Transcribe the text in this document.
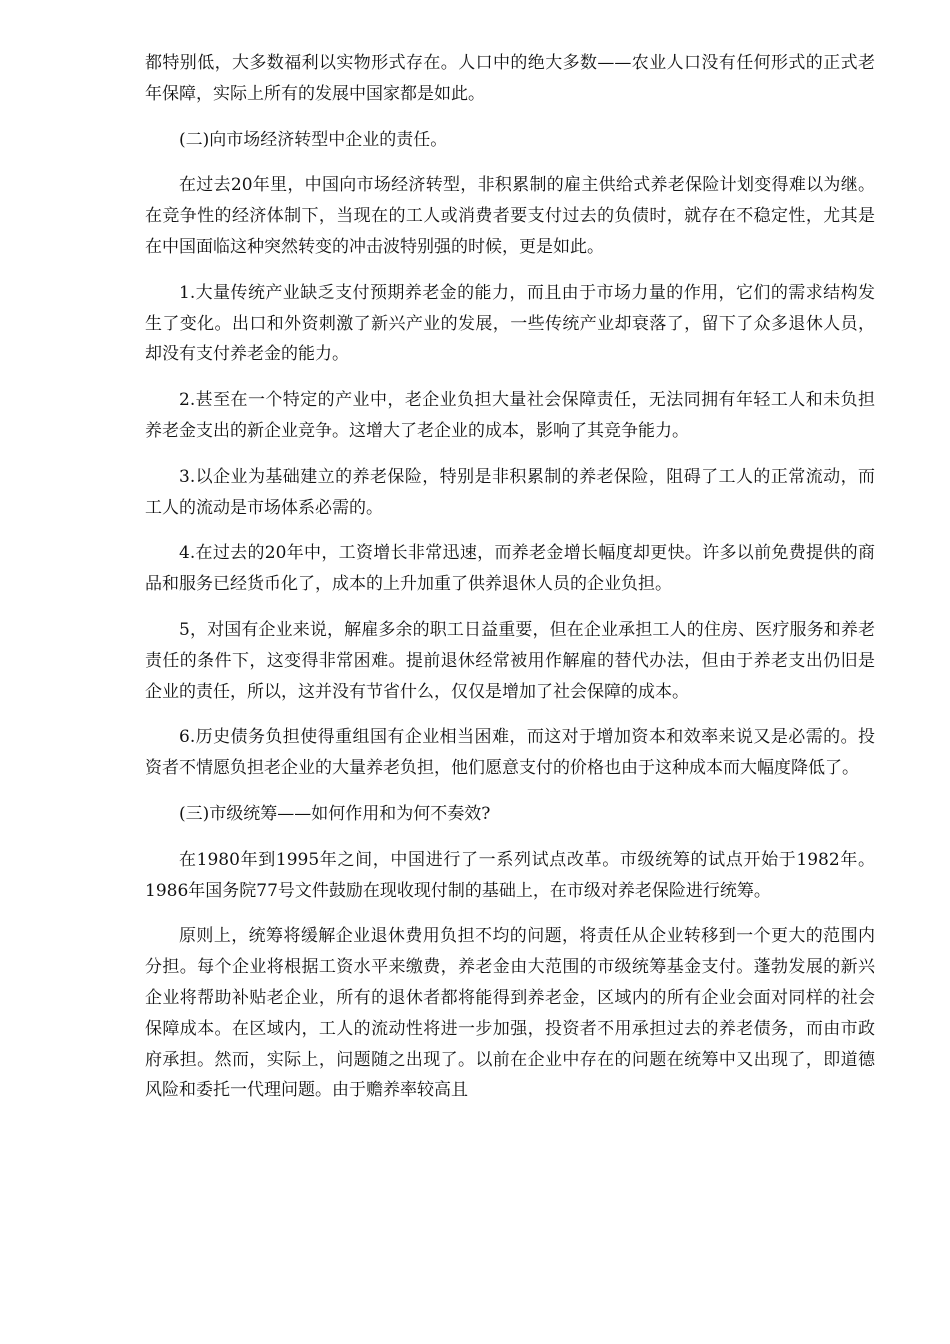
都特别低，大多数福利以实物形式存在。人口中的绝大多数——农业人口没有任何形式的正式老年保障，实际上所有的发展中国家都是如此。

(二)向市场经济转型中企业的责任。

在过去20年里，中国向市场经济转型，非积累制的雇主供给式养老保险计划变得难以为继。在竞争性的经济体制下，当现在的工人或消费者要支付过去的负债时，就存在不稳定性，尤其是在中国面临这种突然转变的冲击波特别强的时候，更是如此。

1.大量传统产业缺乏支付预期养老金的能力，而且由于市场力量的作用，它们的需求结构发生了变化。出口和外资刺激了新兴产业的发展，一些传统产业却衰落了，留下了众多退休人员，却没有支付养老金的能力。

2.甚至在一个特定的产业中，老企业负担大量社会保障责任，无法同拥有年轻工人和未负担养老金支出的新企业竞争。这增大了老企业的成本，影响了其竞争能力。

3.以企业为基础建立的养老保险，特别是非积累制的养老保险，阻碍了工人的正常流动，而工人的流动是市场体系必需的。

4.在过去的20年中，工资增长非常迅速，而养老金增长幅度却更快。许多以前免费提供的商品和服务已经货币化了，成本的上升加重了供养退休人员的企业负担。

5，对国有企业来说，解雇多余的职工日益重要，但在企业承担工人的住房、医疗服务和养老责任的条件下，这变得非常困难。提前退休经常被用作解雇的替代办法，但由于养老支出仍旧是企业的责任，所以，这并没有节省什么，仅仅是增加了社会保障的成本。

6.历史债务负担使得重组国有企业相当困难，而这对于增加资本和效率来说又是必需的。投资者不情愿负担老企业的大量养老负担，他们愿意支付的价格也由于这种成本而大幅度降低了。

(三)市级统筹——如何作用和为何不奏效?

在1980年到1995年之间，中国进行了一系列试点改革。市级统筹的试点开始于1982年。1986年国务院77号文件鼓励在现收现付制的基础上，在市级对养老保险进行统筹。

原则上，统筹将缓解企业退休费用负担不均的问题，将责任从企业转移到一个更大的范围内分担。每个企业将根据工资水平来缴费，养老金由大范围的市级统筹基金支付。蓬勃发展的新兴企业将帮助补贴老企业，所有的退休者都将能得到养老金，区域内的所有企业会面对同样的社会保障成本。在区域内，工人的流动性将进一步加强，投资者不用承担过去的养老债务，而由市政府承担。然而，实际上，问题随之出现了。以前在企业中存在的问题在统筹中又出现了，即道德风险和委托一代理问题。由于赡养率较高且
